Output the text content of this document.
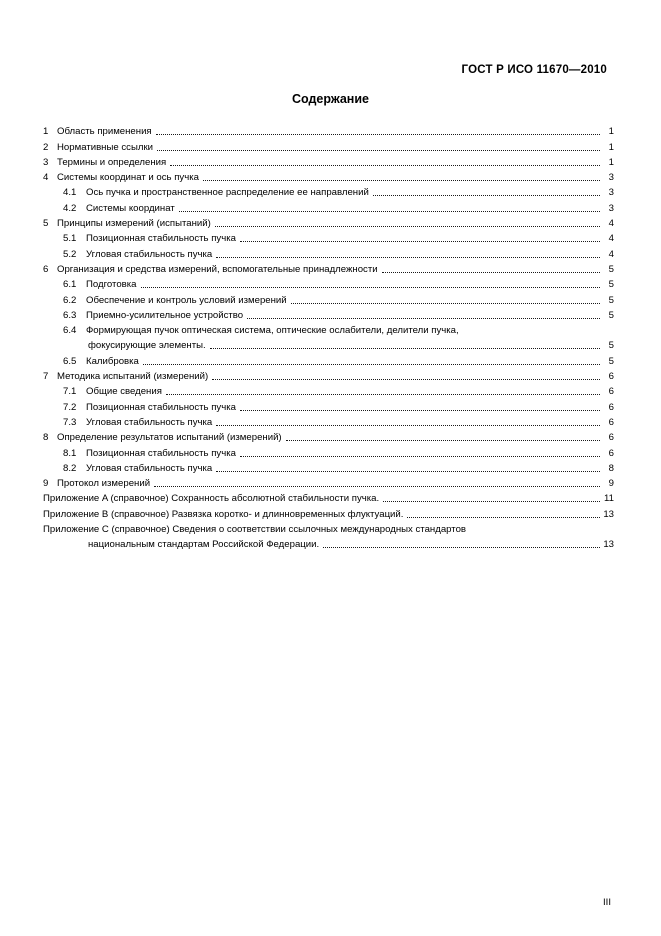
ГОСТ Р ИСО 11670—2010
Содержание
1 Область применения	1
2 Нормативные ссылки	1
3 Термины и определения	1
4 Системы координат и ось пучка	3
4.1	Ось пучка и пространственное распределение ее направлений	3
4.2	Системы координат	3
5 Принципы измерений (испытаний)	4
5.1	Позиционная стабильность пучка	4
5.2	Угловая стабильность пучка	4
6 Организация и средства измерений, вспомогательные принадлежности	5
6.1	Подготовка	5
6.2	Обеспечение и контроль условий измерений	5
6.3	Приемно-усилительное устройство	5
6.4	Формирующая пучок оптическая система, оптические ослабители, делители пучка,
фокусирующие элементы.	5
6.5	Калибровка	5
7 Методика испытаний (измерений)	6
7.1	Общие сведения	6
7.2	Позиционная стабильность пучка	6
7.3	Угловая стабильность пучка	6
8 Определение результатов испытаний (измерений)	6
8.1	Позиционная стабильность пучка	6
8.2	Угловая стабильность пучка	8
9 Протокол измерений	9
Приложение A (справочное) Сохранность абсолютной стабильности пучка.	11
Приложение B (справочное) Развязка коротко- и длинновременных флуктуаций.	13
Приложение C (справочное) Сведения о соответствии ссылочных международных стандартов
национальным стандартам Российской Федерации.	13
III
